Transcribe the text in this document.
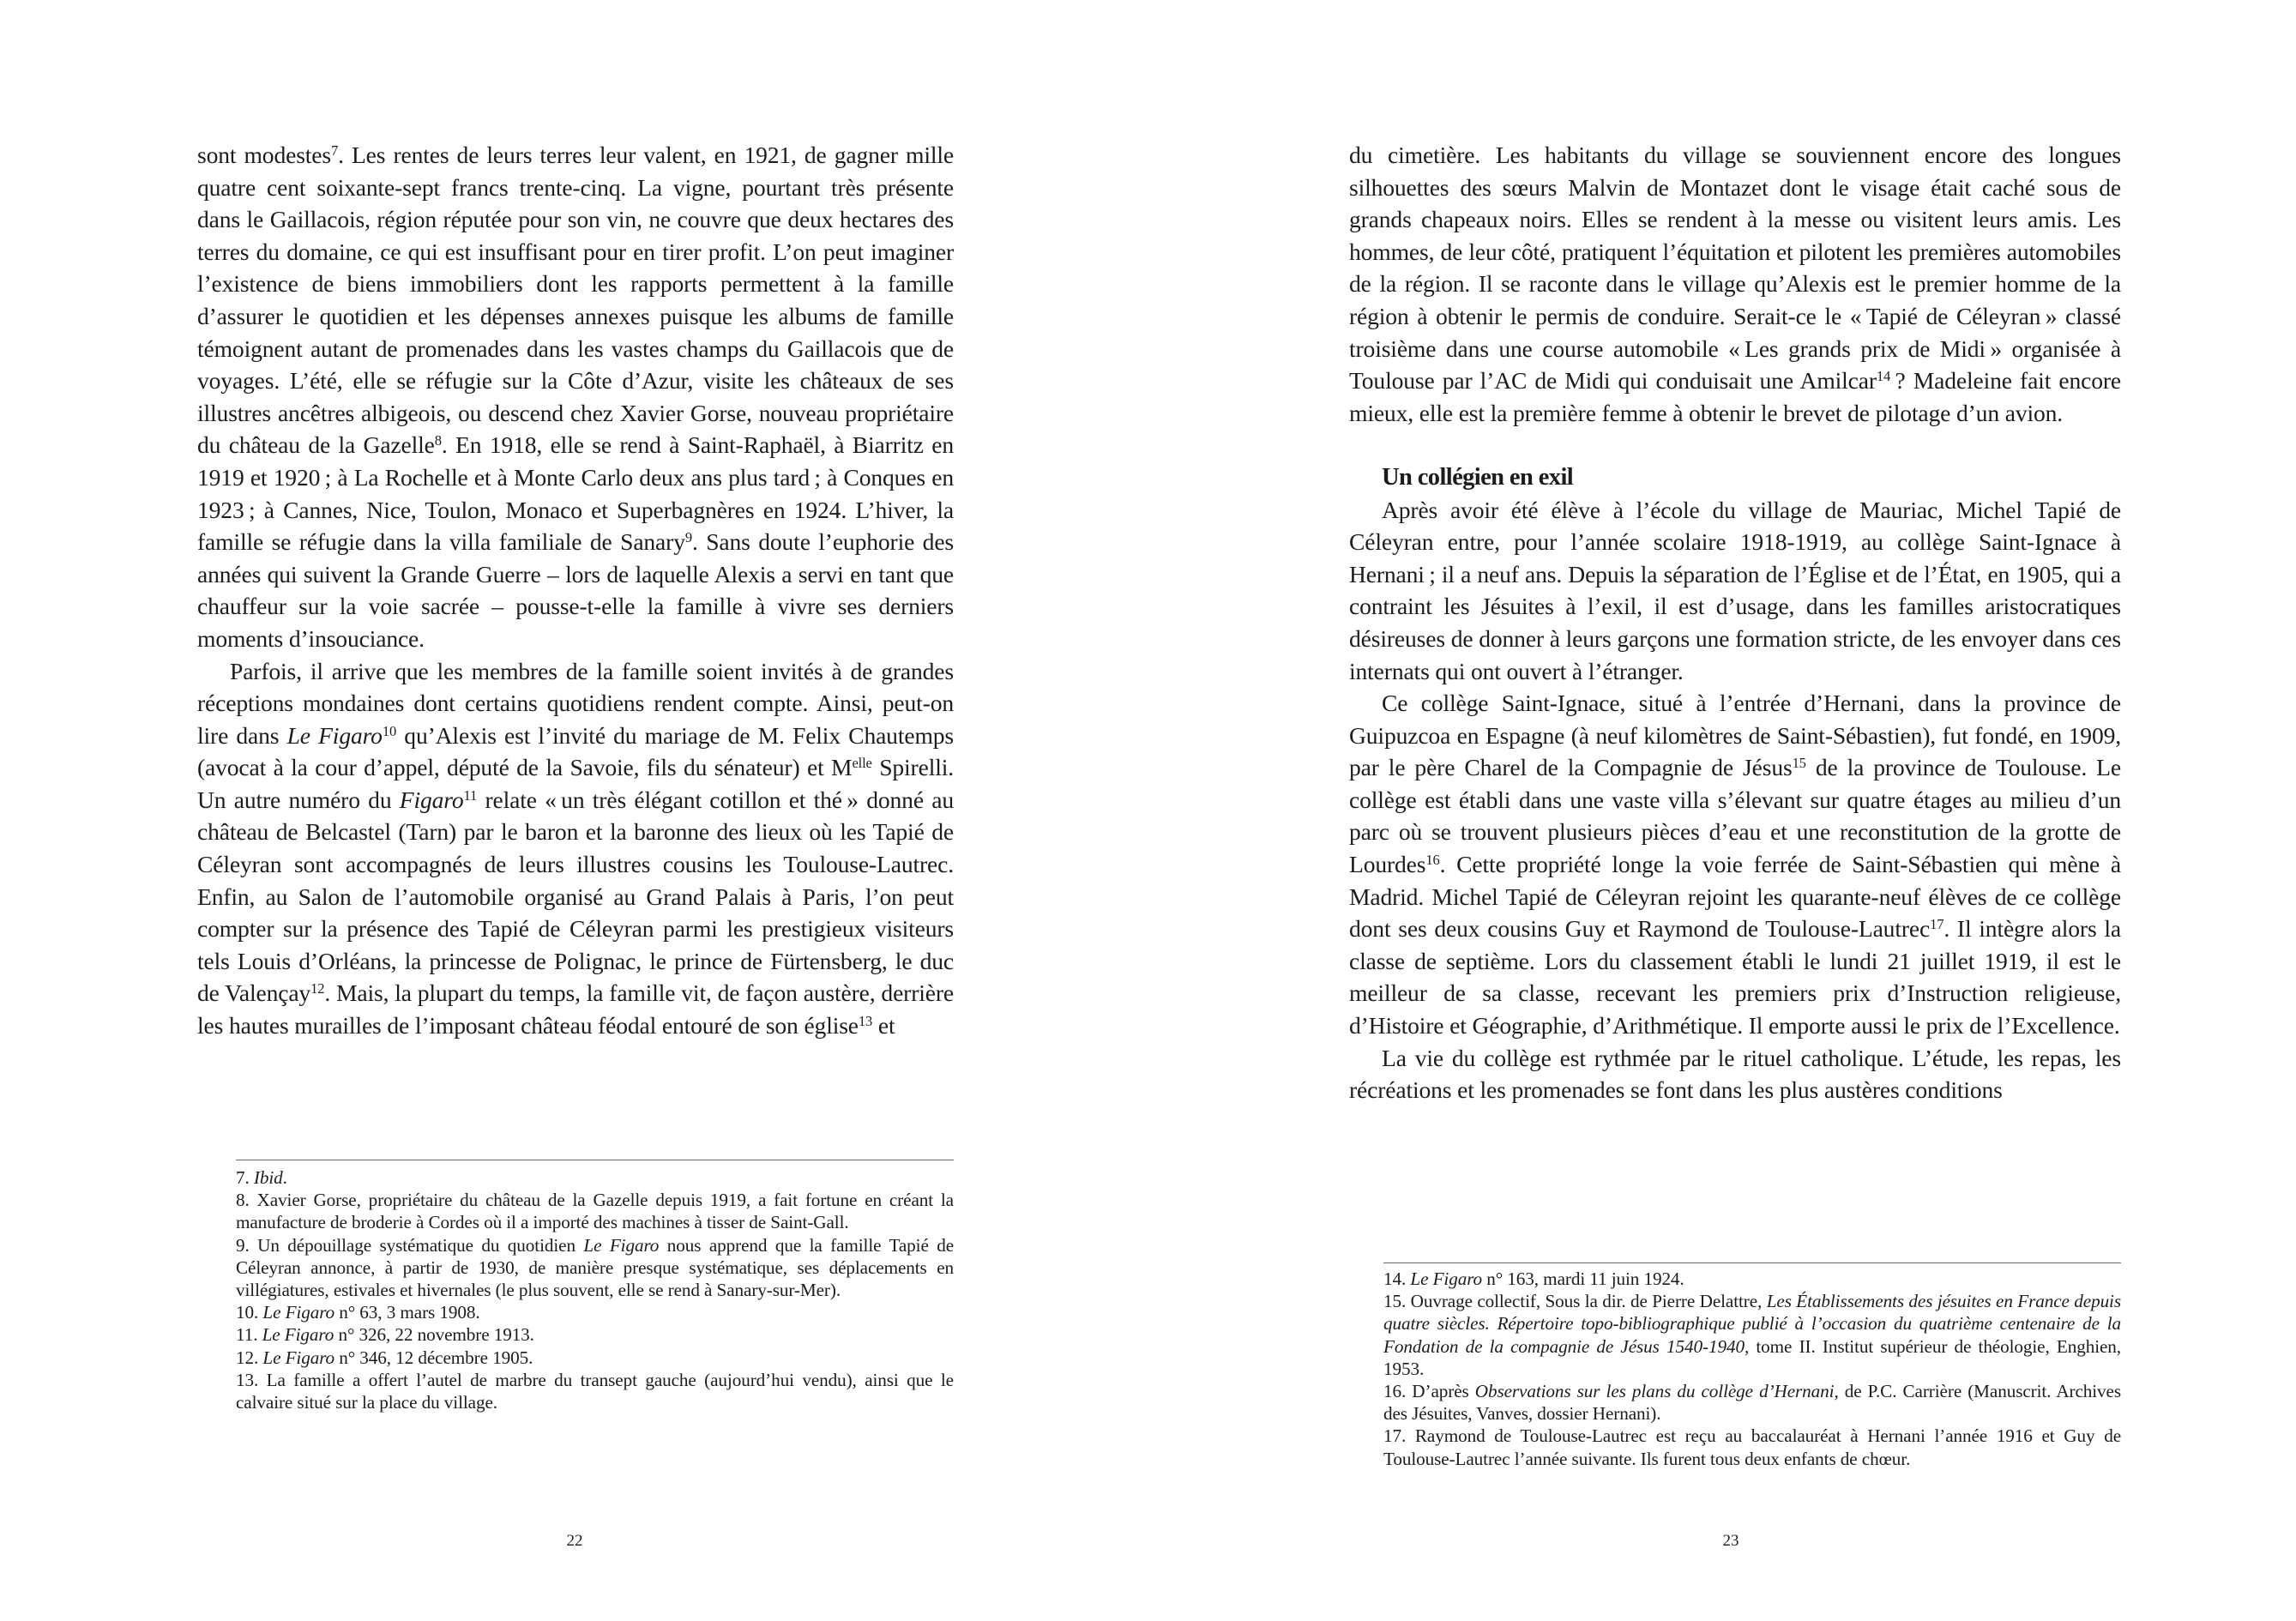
sont modestes$^7$. Les rentes de leurs terres leur valent, en 1921, de gagner mille quatre cent soixante-sept francs trente-cinq. La vigne, pourtant très présente dans le Gaillacois, région réputée pour son vin, ne couvre que deux hectares des terres du domaine, ce qui est insuffisant pour en tirer profit. L’on peut imaginer l’existence de biens immobiliers dont les rapports permettent à la famille d’assurer le quotidien et les dépenses annexes puisque les albums de famille témoignent autant de promenades dans les vastes champs du Gaillacois que de voyages. L’été, elle se réfugie sur la Côte d’Azur, visite les châteaux de ses illustres ancêtres albigeois, ou descend chez Xavier Gorse, nouveau propriétaire du château de la Gazelle$^8$. En 1918, elle se rend à Saint-Raphaël, à Biarritz en 1919 et 1920 ; à La Rochelle et à Monte Carlo deux ans plus tard ; à Conques en 1923 ; à Cannes, Nice, Toulon, Monaco et Superbagnères en 1924. L’hiver, la famille se réfugie dans la villa familiale de Sanary$^9$. Sans doute l’euphorie des années qui suivent la Grande Guerre – lors de laquelle Alexis a servi en tant que chauffeur sur la voie sacrée – pousse-t-elle la famille à vivre ses derniers moments d’insouciance.

Parfois, il arrive que les membres de la famille soient invités à de grandes réceptions mondaines dont certains quotidiens rendent compte. Ainsi, peut-on lire dans Le Figaro$^{10}$ qu’Alexis est l’invité du mariage de M. Felix Chautemps (avocat à la cour d’appel, député de la Savoie, fils du sénateur) et $M^{elle}$ Spirelli. Un autre numéro du Figaro$^{11}$ relate « un très élégant cotillon et thé » donné au château de Belcastel (Tarn) par le baron et la baronne des lieux où les Tapié de Céleyran sont accompagnés de leurs illustres cousins les Toulouse-Lautrec. Enfin, au Salon de l’automobile organisé au Grand Palais à Paris, l’on peut compter sur la présence des Tapié de Céleyran parmi les prestigieux visiteurs tels Louis d’Orléans, la princesse de Polignac, le prince de Fürtensberg, le duc de Valençay$^{12}$. Mais, la plupart du temps, la famille vit, de façon austère, derrière les hautes murailles de l’imposant château féodal entouré de son église$^{13}$ et

7. Ibid.

8. Xavier Gorse, propriétaire du château de la Gazelle depuis 1919, a fait fortune en créant la manufacture de broderie à Cordes où il a importé des machines à tisser de Saint-Gall.

9. Un dépouillage systématique du quotidien Le Figaro nous apprend que la famille Tapié de Céleyran annonce, à partir de 1930, de manière presque systématique, ses déplacements en villégiatures, estivales et hivernales (le plus souvent, elle se rend à Sanary-sur-Mer).

10. Le Figaro n° 63, 3 mars 1908.

11. Le Figaro n° 326, 22 novembre 1913.

12. Le Figaro n° 346, 12 décembre 1905.

13. La famille a offert l’autel de marbre du transept gauche (aujourd’hui vendu), ainsi que le calvaire situé sur la place du village.

22

du cimetière. Les habitants du village se souviennent encore des longues silhouettes des sœurs Malvin de Montazet dont le visage était caché sous de grands chapeaux noirs. Elles se rendent à la messe ou visitent leurs amis. Les hommes, de leur côté, pratiquent l’équitation et pilotent les premières automobiles de la région. Il se raconte dans le village qu’Alexis est le premier homme de la région à obtenir le permis de conduire. Serait-ce le « Tapié de Céleyran » classé troisième dans une course automobile « Les grands prix de Midi » organisée à Toulouse par l’AC de Midi qui conduisait une Amilcar$^{14}$ ? Madeleine fait encore mieux, elle est la première femme à obtenir le brevet de pilotage d’un avion.

Un collégien en exil

Après avoir été élève à l’école du village de Mauriac, Michel Tapié de Céleyran entre, pour l’année scolaire 1918-1919, au collège Saint-Ignace à Hernani ; il a neuf ans. Depuis la séparation de l’Église et de l’État, en 1905, qui a contraint les Jésuites à l’exil, il est d’usage, dans les familles aristocratiques désireuses de donner à leurs garçons une formation stricte, de les envoyer dans ces internats qui ont ouvert à l’étranger.

Ce collège Saint-Ignace, situé à l’entrée d’Hernani, dans la province de Guipuzcoa en Espagne (à neuf kilomètres de Saint-Sébastien), fut fondé, en 1909, par le père Charel de la Compagnie de Jésus$^{15}$ de la province de Toulouse. Le collège est établi dans une vaste villa s’élevant sur quatre étages au milieu d’un parc où se trouvent plusieurs pièces d’eau et une reconstitution de la grotte de Lourdes$^{16}$. Cette propriété longe la voie ferrée de Saint-Sébastien qui mène à Madrid. Michel Tapié de Céleyran rejoint les quarante-neuf élèves de ce collège dont ses deux cousins Guy et Raymond de Toulouse-Lautrec$^{17}$. Il intègre alors la classe de septième. Lors du classement établi le lundi 21 juillet 1919, il est le meilleur de sa classe, recevant les premiers prix d’Instruction religieuse, d’Histoire et Géographie, d’Arithmétique. Il emporte aussi le prix de l’Excellence.

La vie du collège est rythmée par le rituel catholique. L’étude, les repas, les récréations et les promenades se font dans les plus austères conditions

14. Le Figaro n° 163, mardi 11 juin 1924.

15. Ouvrage collectif, Sous la dir. de Pierre Delattre, Les Établissements des jésuites en France depuis quatre siècles. Répertoire topo-bibliographique publié à l’occasion du quatrième centenaire de la Fondation de la compagnie de Jésus 1540-1940, tome II. Institut supérieur de théologie, Enghien, 1953.

16. D’après Observations sur les plans du collège d’Hernani, de P.C. Carrière (Manuscrit. Archives des Jésuites, Vanves, dossier Hernani).

17. Raymond de Toulouse-Lautrec est reçu au baccalauréat à Hernani l’année 1916 et Guy de Toulouse-Lautrec l’année suivante. Ils furent tous deux enfants de chœur.

23
